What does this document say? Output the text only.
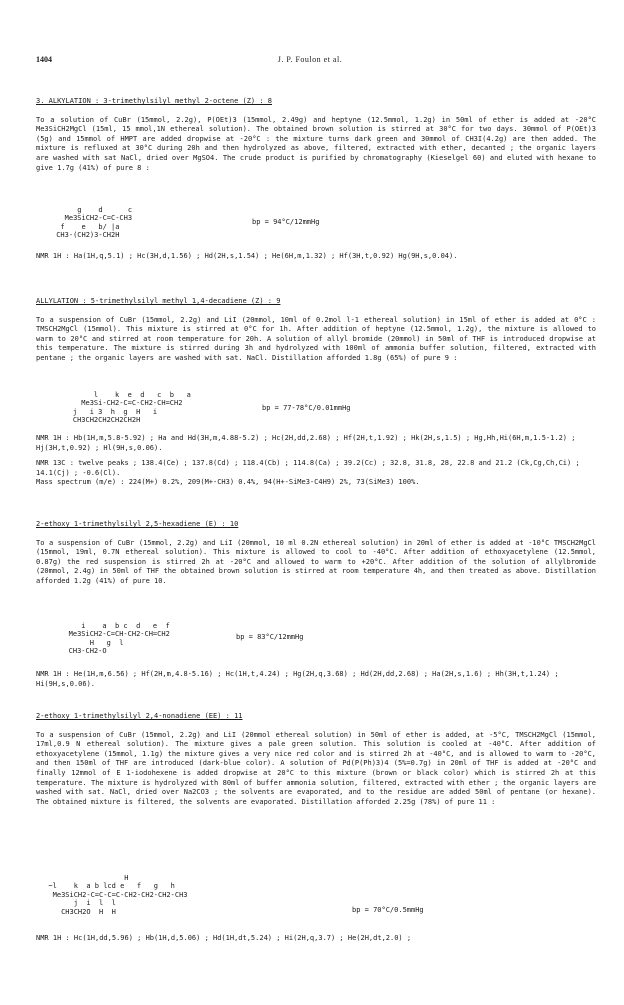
1404	J. P. Foulon et al.

3. ALKYLATION : 3-trimethylsilyl methyl 2-octene (Z) : 8

To a solution of CuBr (15mmol, 2.2g), P(OEt)3 (15mmol, 2.49g) and heptyne (12.5mmol, 1.2g) in 50ml of ether is added at -20°C Me3SiCH2MgCl (15ml, 15 mmol,1N ethereal solution). The obtained brown solution is stirred at 30°C for two days. 30mmol of P(OEt)3 (5g) and 15mmol of HMPT are added dropwise at -20°C : the mixture turns dark green and 30mmol of CH3I(4.2g) are then added. The mixture is refluxed at 30°C during 20h and then hydrolyzed as above, filtered, extracted with ether, decanted ; the organic layers are washed with sat NaCl, dried over MgSO4. The crude product is purified by chromatography (Kieselgel 60) and eluted with hexane to give 1.7g (41%) of pure 8 :

g    d      c
Me3SiCH2-C=C-CH3
f    e   b/ |a
CH3-(CH2)3-CH2H

bp = 94°C/12mmHg

NMR 1H : Ha(1H,q,5.1) ; Hc(3H,d,1.56) ; Hd(2H,s,1.54) ; He(6H,m,1.32) ; Hf(3H,t,0.92) Hg(9H,s,0.04).

ALLYLATION : 5-trimethylsilyl methyl 1,4-decadiene (Z) : 9

To a suspension of CuBr (15mmol, 2.2g) and LiI (20mmol, 10ml of 0.2mol l-1 ethereal solution) in 15ml of ether is added at 0°C : TMSCH2MgCl (15mmol). This mixture is stirred at 0°C for 1h. After addition of heptyne (12.5mmol, 1.2g), the mixture is allowed to warm to 20°C and stirred at room temperature for 20h. A solution of allyl bromide (20mmol) in 50ml of THF is introduced dropwise at this temperature. The mixture is stirred during 3h and hydrolyzed with 100ml of ammonia buffer solution, filtered, extracted with pentane ; the organic layers are washed with sat. NaCl. Distillation afforded 1.8g (65%) of pure 9 :

l    k  e  d   c  b   a
Me3Si-CH2-C=C-CH2-CH=CH2
j   i 3  h  g  H   i
CH3CH2CH2CH2CH2H

bp = 77-78°C/0.01mmHg

NMR 1H : Hb(1H,m,5.8-5.92) ; Ha and Hd(3H,m,4.88-5.2) ; Hc(2H,dd,2.68) ; Hf(2H,t,1.92) ; Hk(2H,s,1.5) ; Hg,Hh,Hi(6H,m,1.5-1.2) ; Hj(3H,t,0.92) ; Hl(9H,s,0.06).

NMR 13C : twelve peaks ; 138.4(Ce) ; 137.8(Cd) ; 118.4(Cb) ; 114.8(Ca) ; 39.2(Cc) ; 32.8, 31.8, 28, 22.8 and 21.2 (Ck,Cg,Ch,Ci) ; 14.1(Cj) ; -0.6(Cl).

Mass spectrum (m/e) : 224(M+) 0.2%, 209(M+-CH3) 0.4%, 94(H+-SiMe3-C4H9) 2%, 73(SiMe3) 100%.

2-ethoxy 1-trimethylsilyl 2,5-hexadiene (E) : 10

To a suspension of CuBr (15mmol, 2.2g) and LiI (20mmol, 10 ml 0.2N ethereal solution) in 20ml of ether is added at -10°C TMSCH2MgCl (15mmol, 19ml, 0.7N ethereal solution). This mixture is allowed to cool to -40°C. After addition of ethoxyacetylene (12.5mmol, 0.87g) the red suspension is stirred 2h at -20°C and allowed to warm to +20°C. After addition of the solution of allylbromide (20mmol, 2.4g) in 50ml of THF the obtained brown solution is stirred at room temperature 4h, and then treated as above. Distillation afforded 1.2g (41%) of pure 10.

i    a  b c  d   e  f
Me3SiCH2-C=CH-CH2-CH=CH2
H   g  l
CH3-CH2-O

bp = 83°C/12mmHg

NMR 1H : He(1H,m,6.56) ; Hf(2H,m,4.8-5.16) ; Hc(1H,t,4.24) ; Hg(2H,q,3.68) ; Hd(2H,dd,2.68) ; Ha(2H,s,1.6) ; Hh(3H,t,1.24) ; Hi(9H,s,0.06).

2-ethoxy 1-trimethylsilyl 2,4-nonadiene (EE) : 11

To a suspension of CuBr (15mmol, 2.2g) and LiI (20mmol ethereal solution) in 50ml of ether is added, at -5°C, TMSCH2MgCl (15mmol, 17ml,0.9 N ethereal solution). The mixture gives a pale green solution. This solution is cooled at -40°C. After addition of ethoxyacetylene (15mmol, 1.1g) the mixture gives a very nice red color and is stirred 2h at -40°C, and is allowed to warm to -20°C, and then 150ml of THF are introduced (dark-blue color). A solution of Pd(P(Ph)3)4 (5%=0.7g) in 20ml of THF is added at -20°C and finally 12mmol of E 1-iodohexene is added dropwise at 20°C to this mixture (brown or black color) which is stirred 2h at this temperature. The mixture is hydrolyzed with 80ml of buffer ammonia solution, filtered, extracted with ether ; the organic layers are washed with sat. NaCl, dried over Na2CO3 ; the solvents are evaporated, and to the residue are added 50ml of pentane (or hexane). The obtained mixture is filtered, the solvents are evaporated. Distillation afforded 2.25g (78%) of pure 11 :

H
~l    k  a b lcd e   f   g   h
Me3SiCH2-C=C-C=C-CH2-CH2-CH2-CH3
j  i  l  l
CH3CH2O  H  H	bp = 70°C/0.5mmHg

NMR 1H : Hc(1H,dd,5.96) ; Hb(1H,d,5.06) ; Hd(1H,dt,5.24) ; Hi(2H,q,3.7) ; He(2H,dt,2.0) ;
